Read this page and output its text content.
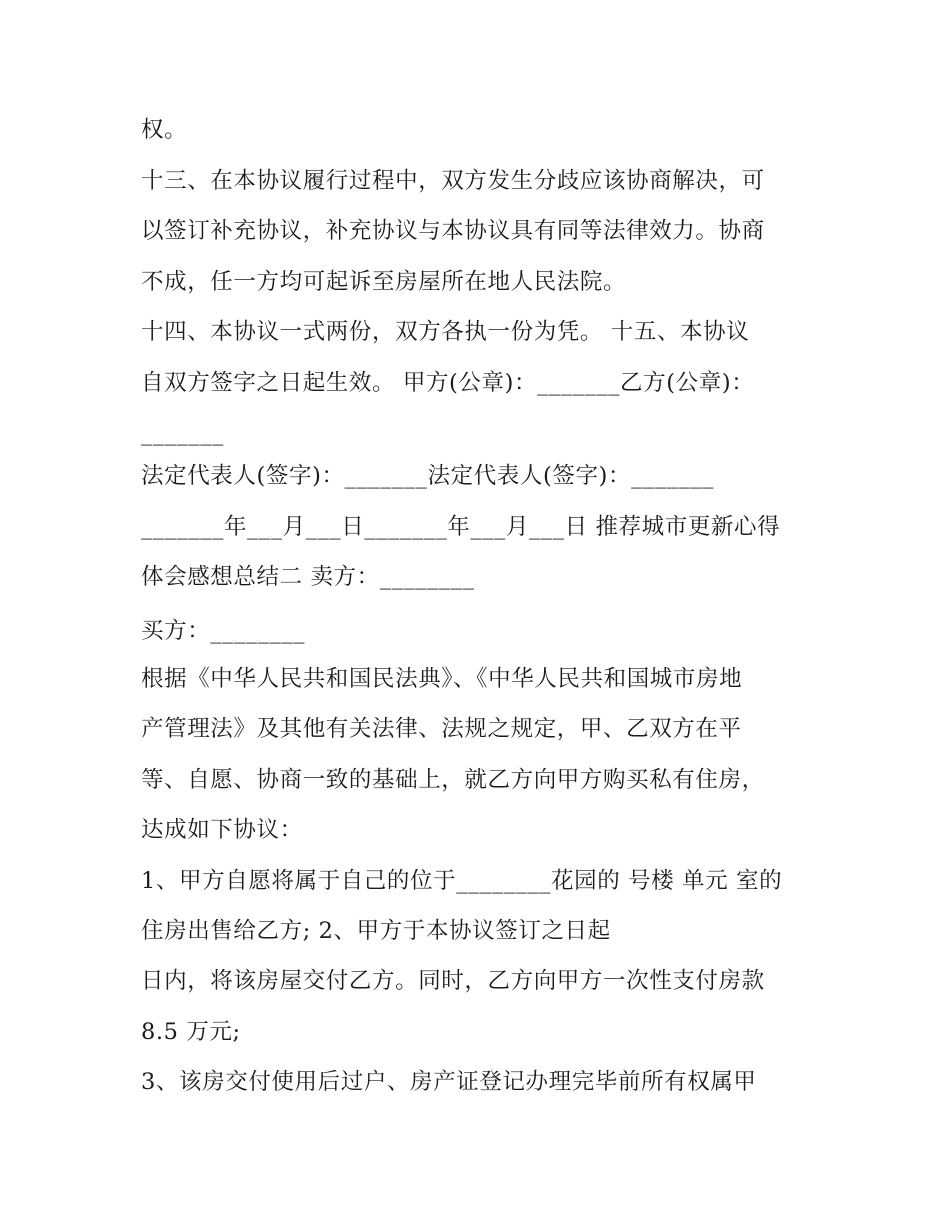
权。

十三、在本协议履行过程中，双方发生分歧应该协商解决，可

以签订补充协议，补充协议与本协议具有同等法律效力。协商

不成，任一方均可起诉至房屋所在地人民法院。

十四、本协议一式两份，双方各执一份为凭。 十五、本协议

自双方签字之日起生效。 甲方(公章)：_______乙方(公章)：

_______

法定代表人(签字)：_______法定代表人(签字)：_______

_______年___月___日_______年___月___日 推荐城市更新心得

体会感想总结二 卖方：________

买方：________

根据《中华人民共和国民法典》、《中华人民共和国城市房地

产管理法》及其他有关法律、法规之规定，甲、乙双方在平

等、自愿、协商一致的基础上，就乙方向甲方购买私有住房，

达成如下协议：

1、甲方自愿将属于自己的位于________花园的 号楼 单元 室的

住房出售给乙方; 2、甲方于本协议签订之日起

日内，将该房屋交付乙方。同时，乙方向甲方一次性支付房款

8.5 万元;

3、该房交付使用后过户、房产证登记办理完毕前所有权属甲
